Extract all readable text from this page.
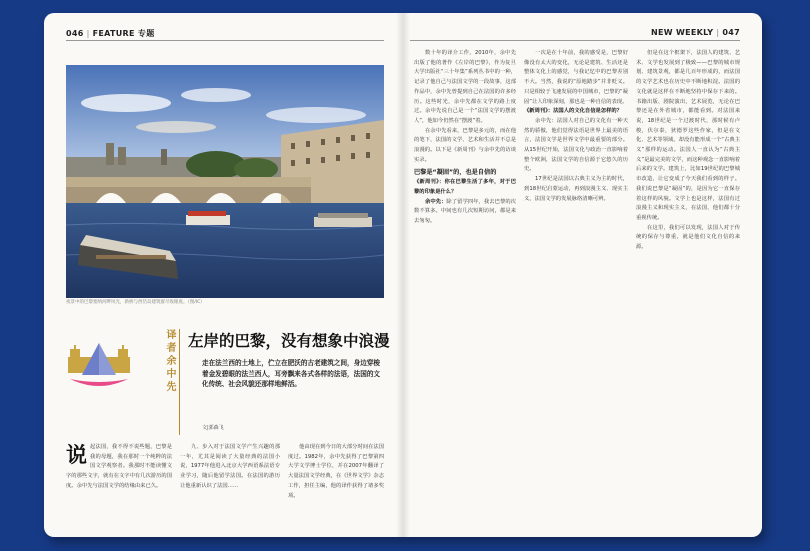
046 | FEATURE 专题	NEW WEEKLY | 047
夜景中的巴黎塞纳河畔风光，新桥与西岱岛建筑群尽收眼底。（图/IC）
译者余中先 左岸的巴黎，没有想象中浪漫
走在法兰西的土地上，伫立在肥沃的古老建筑之间，身边穿梭着金发碧眼的法兰西人，耳旁飘来各式各样的法语，法国的文化传统、社会风貌还那样地鲜活。
文|郭森飞
说 起法国，我不得不说些题，巴黎是我的母题，我在那时一个纯粹的法国文学观察者。我那时不能读懂文字的那些文字，就有在文字中有几次游历的国度。余中先与法国文学的结缘由来已久。

九、步入对于法国文学产生兴趣的那一年，尤其是阅读了大量经典的法国小说，1977年他进入北京大学西语系法语专业学习，随后他留学法国。在法国的游历让他重新认识了法国……

他由现在到今日的大部分时间在法国度过。1982年，余中先获得了巴黎第四大学文学博士学位，并在2007年翻译了大量法国文学经典，在《世界文学》杂志工作，担任主编，他的译作获得了诸多奖项。

数十年的译介工作，2010年，余中先出版了他的著作《左岸的巴黎》，作为复旦大学出版社“三十年集”系列丛书中的一种，记录了他自己与法国文学的一段故事，这部作品中，余中先曾提到自己在法国的许多经历。这些时光，余中先都在文学的路上度过。余中先说自己是一个“法国文学的摆渡人”，他如今仍然在“摆渡”着。

在余中先看来，巴黎是多元的，而在他的笔下，法国的文学、艺术和生活并不总是浪漫的。以下是《新周刊》与余中先的访谈实录。

巴黎是“凝固”的，也是自信的

《新周刊》：你在巴黎生活了多年，对于巴黎的印象是什么？

余中先：除了留学四年，我去巴黎的次数不算多。中间也有几次短期访问，都是来去匆匆。

一次是在十年前，我的感受是，巴黎好像没有太大的变化，无论是建筑、生活还是整体文化上的感觉，与我记忆中的巴黎差别不大。当然，我说的“原地踏步”并非贬义。只是相较于飞速发展的中国城市，巴黎的“凝固”让人印象深刻，那也是一种自信的表现。

《新周刊》：法国人的文化自信是怎样的？

余中先：法国人对自己的文化有一种天然的骄傲，他们觉得法语是世界上最美的语言，法国文学是世界文学中最重要的部分。从15世纪开始，法国文化与政治一直影响着整个欧洲，法国文学的自信源于它悠久的历史。

17世纪是法国以古典主义为主的时代，到18世纪启蒙运动，再到浪漫主义、现实主义，法国文学的发展脉络清晰可辨。

但是在这个框架下，法国人的建筑、艺术、文学也发展到了极致——巴黎的城市规划、建筑景观，都是几百年形成的，而法国的文学艺术也在历史中不断地积淀。法国的文化就是这样在不断地坚持中保存下来的。书籍出版、剧院演出，艺术展览，无论在巴黎还是在外省城市，都能看到。对法国来说，18世纪是一个过渡时代，那时候有卢梭，伏尔泰，狄德罗这些作家，但是在文化、艺术等领域，却没有能形成一个“古典主义”那样的运动。法国人一直认为“古典主义”是最完美的文学，而这种观念一直影响着后来的文学。建筑上，比如19世纪的巴黎城市改造，让它变成了今天我们看到的样子。我们说巴黎是“凝固”的，是因为它一直保存着这样的风貌。文学上也是这样，法国有过浪漫主义和现实主义，在法国，他们都十分重视传统。

在这里，我们可以发现，法国人对于传统的保存与尊重，就是他们文化自信的来源。
